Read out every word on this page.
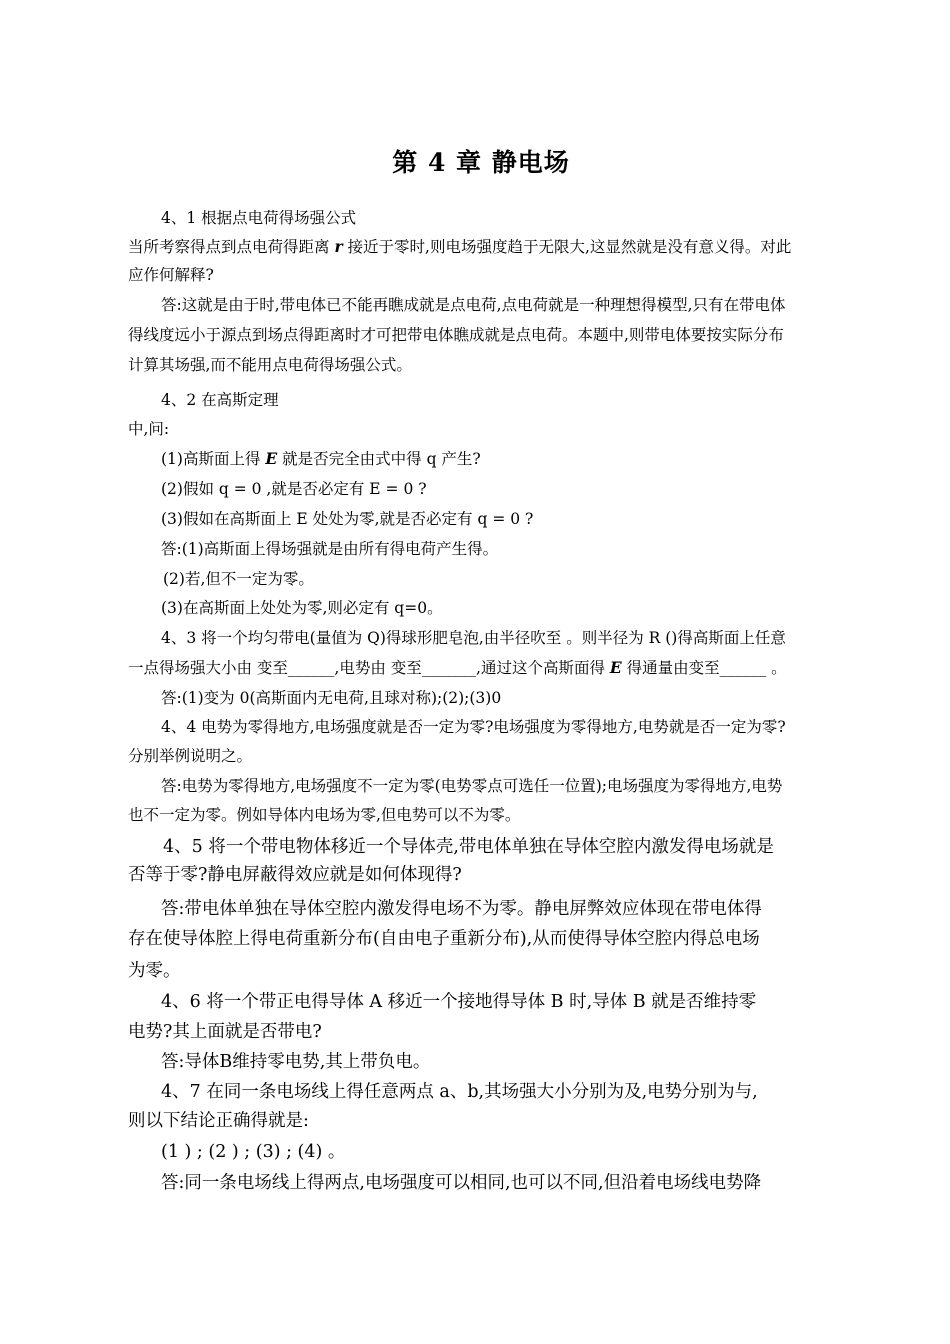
第 4 章 静电场
4、1 根据点电荷得场强公式
当所考察得点到点电荷得距离 r 接近于零时,则电场强度趋于无限大,这显然就是没有意义得。对此
应作何解释?
答:这就是由于时,带电体已不能再瞧成就是点电荷,点电荷就是一种理想得模型,只有在带电体
得线度远小于源点到场点得距离时才可把带电体瞧成就是点电荷。本题中,则带电体要按实际分布
计算其场强,而不能用点电荷得场强公式。
4、2 在高斯定理
中,问:
(1)高斯面上得 E 就是否完全由式中得 q 产生?
(2)假如 q = 0 ,就是否必定有 E = 0 ?
(3)假如在高斯面上 E 处处为零,就是否必定有 q = 0 ?
答:(1)高斯面上得场强就是由所有得电荷产生得。
(2)若,但不一定为零。
(3)在高斯面上处处为零,则必定有 q=0。
4、3 将一个均匀带电(量值为 Q)得球形肥皂泡,由半径吹至 。则半径为 R ()得高斯面上任意
一点得场强大小由 变至______,电势由 变至_______,通过这个高斯面得 E 得通量由变至______ 。
答:(1)变为 0(高斯面内无电荷,且球对称);(2);(3)0
4、4 电势为零得地方,电场强度就是否一定为零?电场强度为零得地方,电势就是否一定为零?
分别举例说明之。
答:电势为零得地方,电场强度不一定为零(电势零点可选任一位置);电场强度为零得地方,电势
也不一定为零。例如导体内电场为零,但电势可以不为零。
4、5 将一个带电物体移近一个导体壳,带电体单独在导体空腔内激发得电场就是
否等于零?静电屏蔽得效应就是如何体现得?
答:带电体单独在导体空腔内激发得电场不为零。静电屏弊效应体现在带电体得
存在使导体腔上得电荷重新分布(自由电子重新分布),从而使得导体空腔内得总电场
为零。
4、6 将一个带正电得导体 A 移近一个接地得导体 B 时,导体 B 就是否维持零
电势?其上面就是否带电?
答:导体B维持零电势,其上带负电。
4、7 在同一条电场线上得任意两点 a、b,其场强大小分别为及,电势分别为与,
则以下结论正确得就是:
(1 ) ; (2 ) ; (3) ; (4) 。
答:同一条电场线上得两点,电场强度可以相同,也可以不同,但沿着电场线电势降
